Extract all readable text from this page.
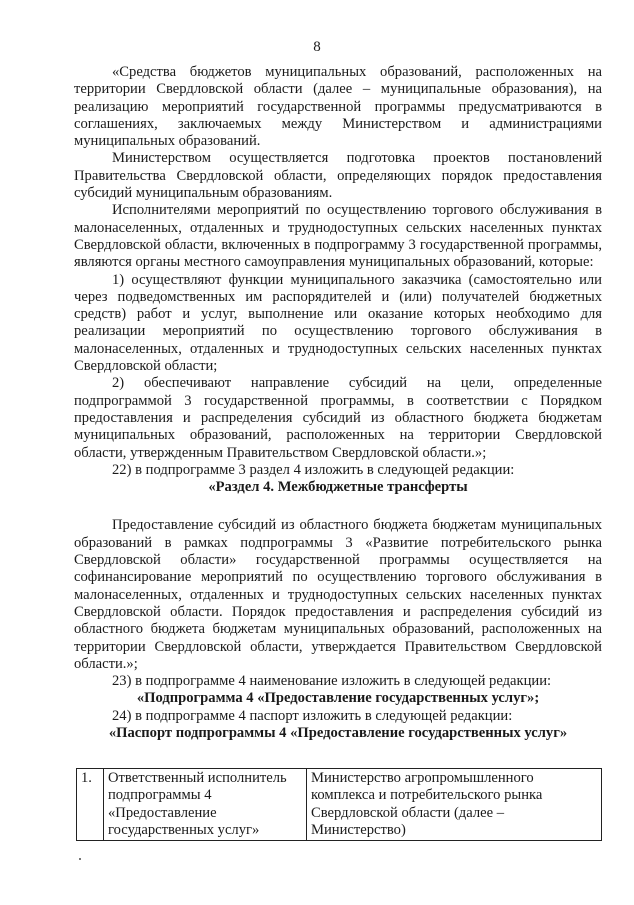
8

«Средства бюджетов муниципальных образований, расположенных на территории Свердловской области (далее – муниципальные образования), на реализацию мероприятий государственной программы предусматриваются в соглашениях, заключаемых между Министерством и администрациями муниципальных образований.

Министерством осуществляется подготовка проектов постановлений Правительства Свердловской области, определяющих порядок предоставления субсидий муниципальным образованиям.

Исполнителями мероприятий по осуществлению торгового обслуживания в малонаселенных, отдаленных и труднодоступных сельских населенных пунктах Свердловской области, включенных в подпрограмму 3 государственной программы, являются органы местного самоуправления муниципальных образований, которые:

1) осуществляют функции муниципального заказчика (самостоятельно или через подведомственных им распорядителей и (или) получателей бюджетных средств) работ и услуг, выполнение или оказание которых необходимо для реализации мероприятий по осуществлению торгового обслуживания в малонаселенных, отдаленных и труднодоступных сельских населенных пунктах Свердловской области;

2) обеспечивают направление субсидий на цели, определенные подпрограммой 3 государственной программы, в соответствии с Порядком предоставления и распределения субсидий из областного бюджета бюджетам муниципальных образований, расположенных на территории Свердловской области, утвержденным Правительством Свердловской области.»;

22) в подпрограмме 3 раздел 4 изложить в следующей редакции:

«Раздел 4. Межбюджетные трансферты

Предоставление субсидий из областного бюджета бюджетам муниципальных образований в рамках подпрограммы 3 «Развитие потребительского рынка Свердловской области» государственной программы осуществляется на софинансирование мероприятий по осуществлению торгового обслуживания в малонаселенных, отдаленных и труднодоступных сельских населенных пунктах Свердловской области. Порядок предоставления и распределения субсидий из областного бюджета бюджетам муниципальных образований, расположенных на территории Свердловской области, утверждается Правительством Свердловской области.»;

23) в подпрограмме 4 наименование изложить в следующей редакции:

«Подпрограмма 4 «Предоставление государственных услуг»;

24) в подпрограмме 4 паспорт изложить в следующей редакции:

«Паспорт подпрограммы 4 «Предоставление государственных услуг»

1.	Ответственный исполнитель подпрограммы 4 «Предоставление государственных услуг»	Министерство агропромышленного комплекса и потребительского рынка Свердловской области (далее – Министерство)
